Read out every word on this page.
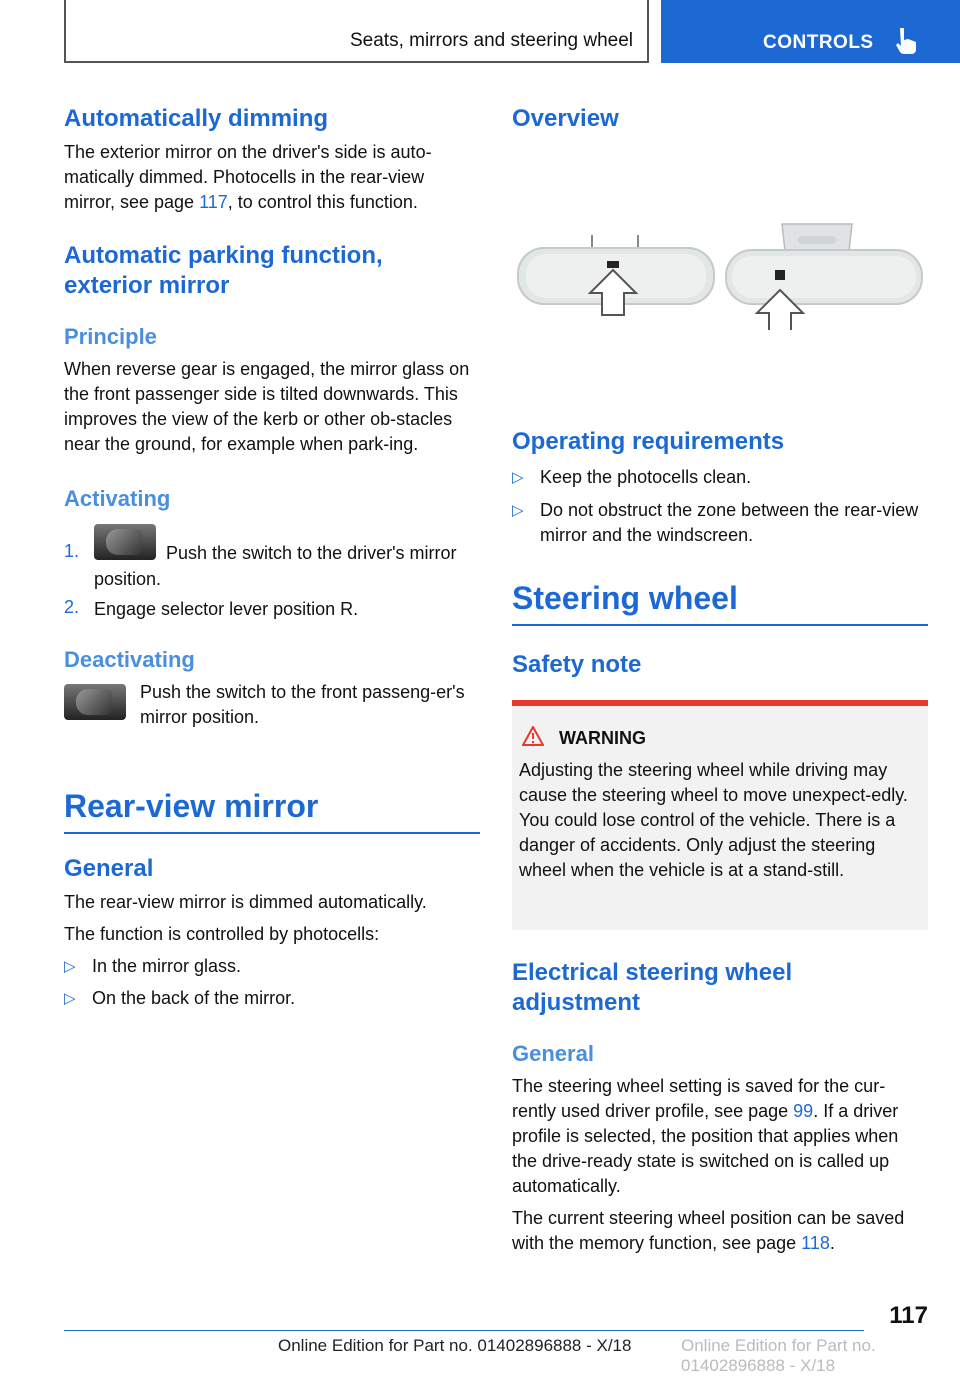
Seats, mirrors and steering wheel	CONTROLS
Automatically dimming

The exterior mirror on the driver's side is auto-matically dimmed. Photocells in the rear-view mirror, see page 117, to control this function.

Automatic parking function,
exterior mirror
Principle

When reverse gear is engaged, the mirror glass on the front passenger side is tilted downwards. This improves the view of the kerb or other ob-stacles near the ground, for example when park-ing.

Activating
1.	Push the switch to the driver's mirror
position.
2. Engage selector lever position R.
Deactivating

Push the switch to the front passeng-er's mirror position.

Rear-view mirror
General

The rear-view mirror is dimmed automatically.

The function is controlled by photocells:

▷ In the mirror glass.
▷ On the back of the mirror.
Overview
Operating requirements
▷ Keep the photocells clean.
▷ Do not obstruct the zone between the rear-view mirror and the windscreen.
Steering wheel
Safety note
WARNING

Adjusting the steering wheel while driving may cause the steering wheel to move unexpect-edly. You could lose control of the vehicle. There is a danger of accidents. Only adjust the steering wheel when the vehicle is at a stand-still.

Electrical steering wheel
adjustment
General

The steering wheel setting is saved for the cur-rently used driver profile, see page 99. If a driver profile is selected, the position that applies when the drive-ready state is switched on is called up automatically.

The current steering wheel position can be saved with the memory function, see page 118.

117
Online Edition for Part no. 01402896888 - X/18	Online Edition for Part no. 01402896888 - X/18
